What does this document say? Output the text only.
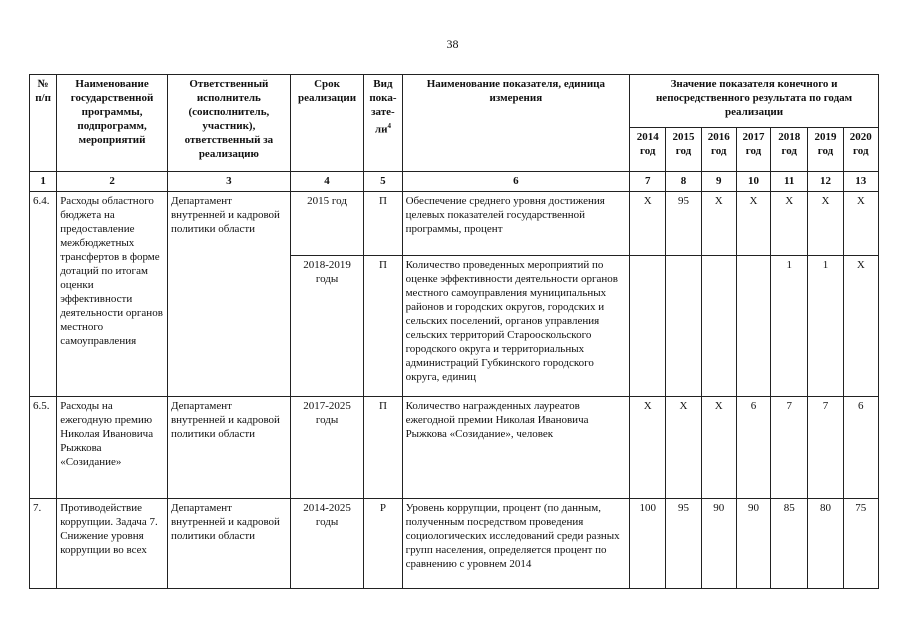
38
№ п/п	Наименование государственной программы, подпрограмм, мероприятий	Ответственный исполнитель (соисполнитель, участник), ответственный за реализацию	Срок реализации	Вид пока-$зате-ли^4$	Наименование показателя, единица измерения	Значение показателя конечного и непосредственного результата по годам реализации						
						2014 год	2015 год	2016 год	2017 год	2018 год	2019 год	2020 год
1	2	3	4	5	6	7	8	9	10	11	12	13
6.4.	Расходы областного бюджета на предоставление межбюджетных трансфертов в форме дотаций по итогам оценки эффективности деятельности органов местного самоуправления	Департамент внутренней и кадровой политики области	2015 год	П	Обеспечение среднего уровня достижения целевых показателей государственной программы, процент	Х	95	Х	Х	Х	Х	Х
			2018-2019 годы	П	Количество проведенных мероприятий по оценке эффективности деятельности органов местного самоуправления муниципальных районов и городских округов, городских и сельских поселений, органов управления сельских территорий Старооскольского городского округа и территориальных администраций Губкинского городского округа, единиц					1	1	Х
6.5.	Расходы на ежегодную премию Николая Ивановича Рыжкова «Созидание»	Департамент внутренней и кадровой политики области	2017-2025 годы	П	Количество награжденных лауреатов ежегодной премии Николая Ивановича Рыжкова «Созидание», человек	Х	Х	Х	6	7	7	6
7.	Противодействие коррупции. Задача 7. Снижение уровня коррупции во всех	Департамент внутренней и кадровой политики области	2014-2025 годы	Р	Уровень коррупции, процент (по данным, полученным посредством проведения социологических исследований среди разных групп населения, определяется процент по сравнению с уровнем 2014	100	95	90	90	85	80	75
